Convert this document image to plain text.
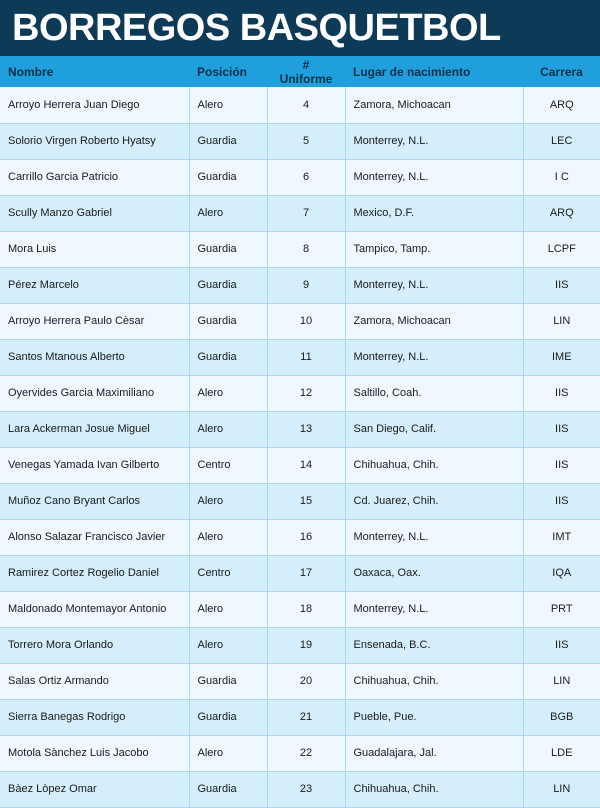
BORREGOS BASQUETBOL
Nombre	Posición	# Uniforme	Lugar de nacimiento	Carrera
Arroyo Herrera Juan Diego	Alero	4	Zamora, Michoacan	ARQ
Solorio Virgen Roberto Hyatsy	Guardia	5	Monterrey, N.L.	LEC
Carrillo Garcia Patricio	Guardia	6	Monterrey, N.L.	I C
Scully Manzo Gabriel	Alero	7	Mexico, D.F.	ARQ
Mora Luis	Guardia	8	Tampico, Tamp.	LCPF
Pérez Marcelo	Guardia	9	Monterrey, N.L.	IIS
Arroyo Herrera Paulo Cèsar	Guardia	10	Zamora, Michoacan	LIN
Santos Mtanous Alberto	Guardia	11	Monterrey, N.L.	IME
Oyervides Garcia Maximiliano	Alero	12	Saltillo, Coah.	IIS
Lara Ackerman Josue Miguel	Alero	13	San Diego, Calif.	IIS
Venegas Yamada Ivan Gilberto	Centro	14	Chihuahua, Chih.	IIS
Muñoz Cano Bryant Carlos	Alero	15	Cd. Juarez, Chih.	IIS
Alonso Salazar Francisco Javier	Alero	16	Monterrey, N.L.	IMT
Ramirez Cortez Rogelio Daniel	Centro	17	Oaxaca, Oax.	IQA
Maldonado Montemayor Antonio	Alero	18	Monterrey, N.L.	PRT
Torrero Mora Orlando	Alero	19	Ensenada, B.C.	IIS
Salas Ortiz Armando	Guardia	20	Chihuahua, Chih.	LIN
Sierra Banegas Rodrigo	Guardia	21	Pueble, Pue.	BGB
Motola Sànchez Luis Jacobo	Alero	22	Guadalajara, Jal.	LDE
Bàez Lòpez Omar	Guardia	23	Chihuahua, Chih.	LIN
